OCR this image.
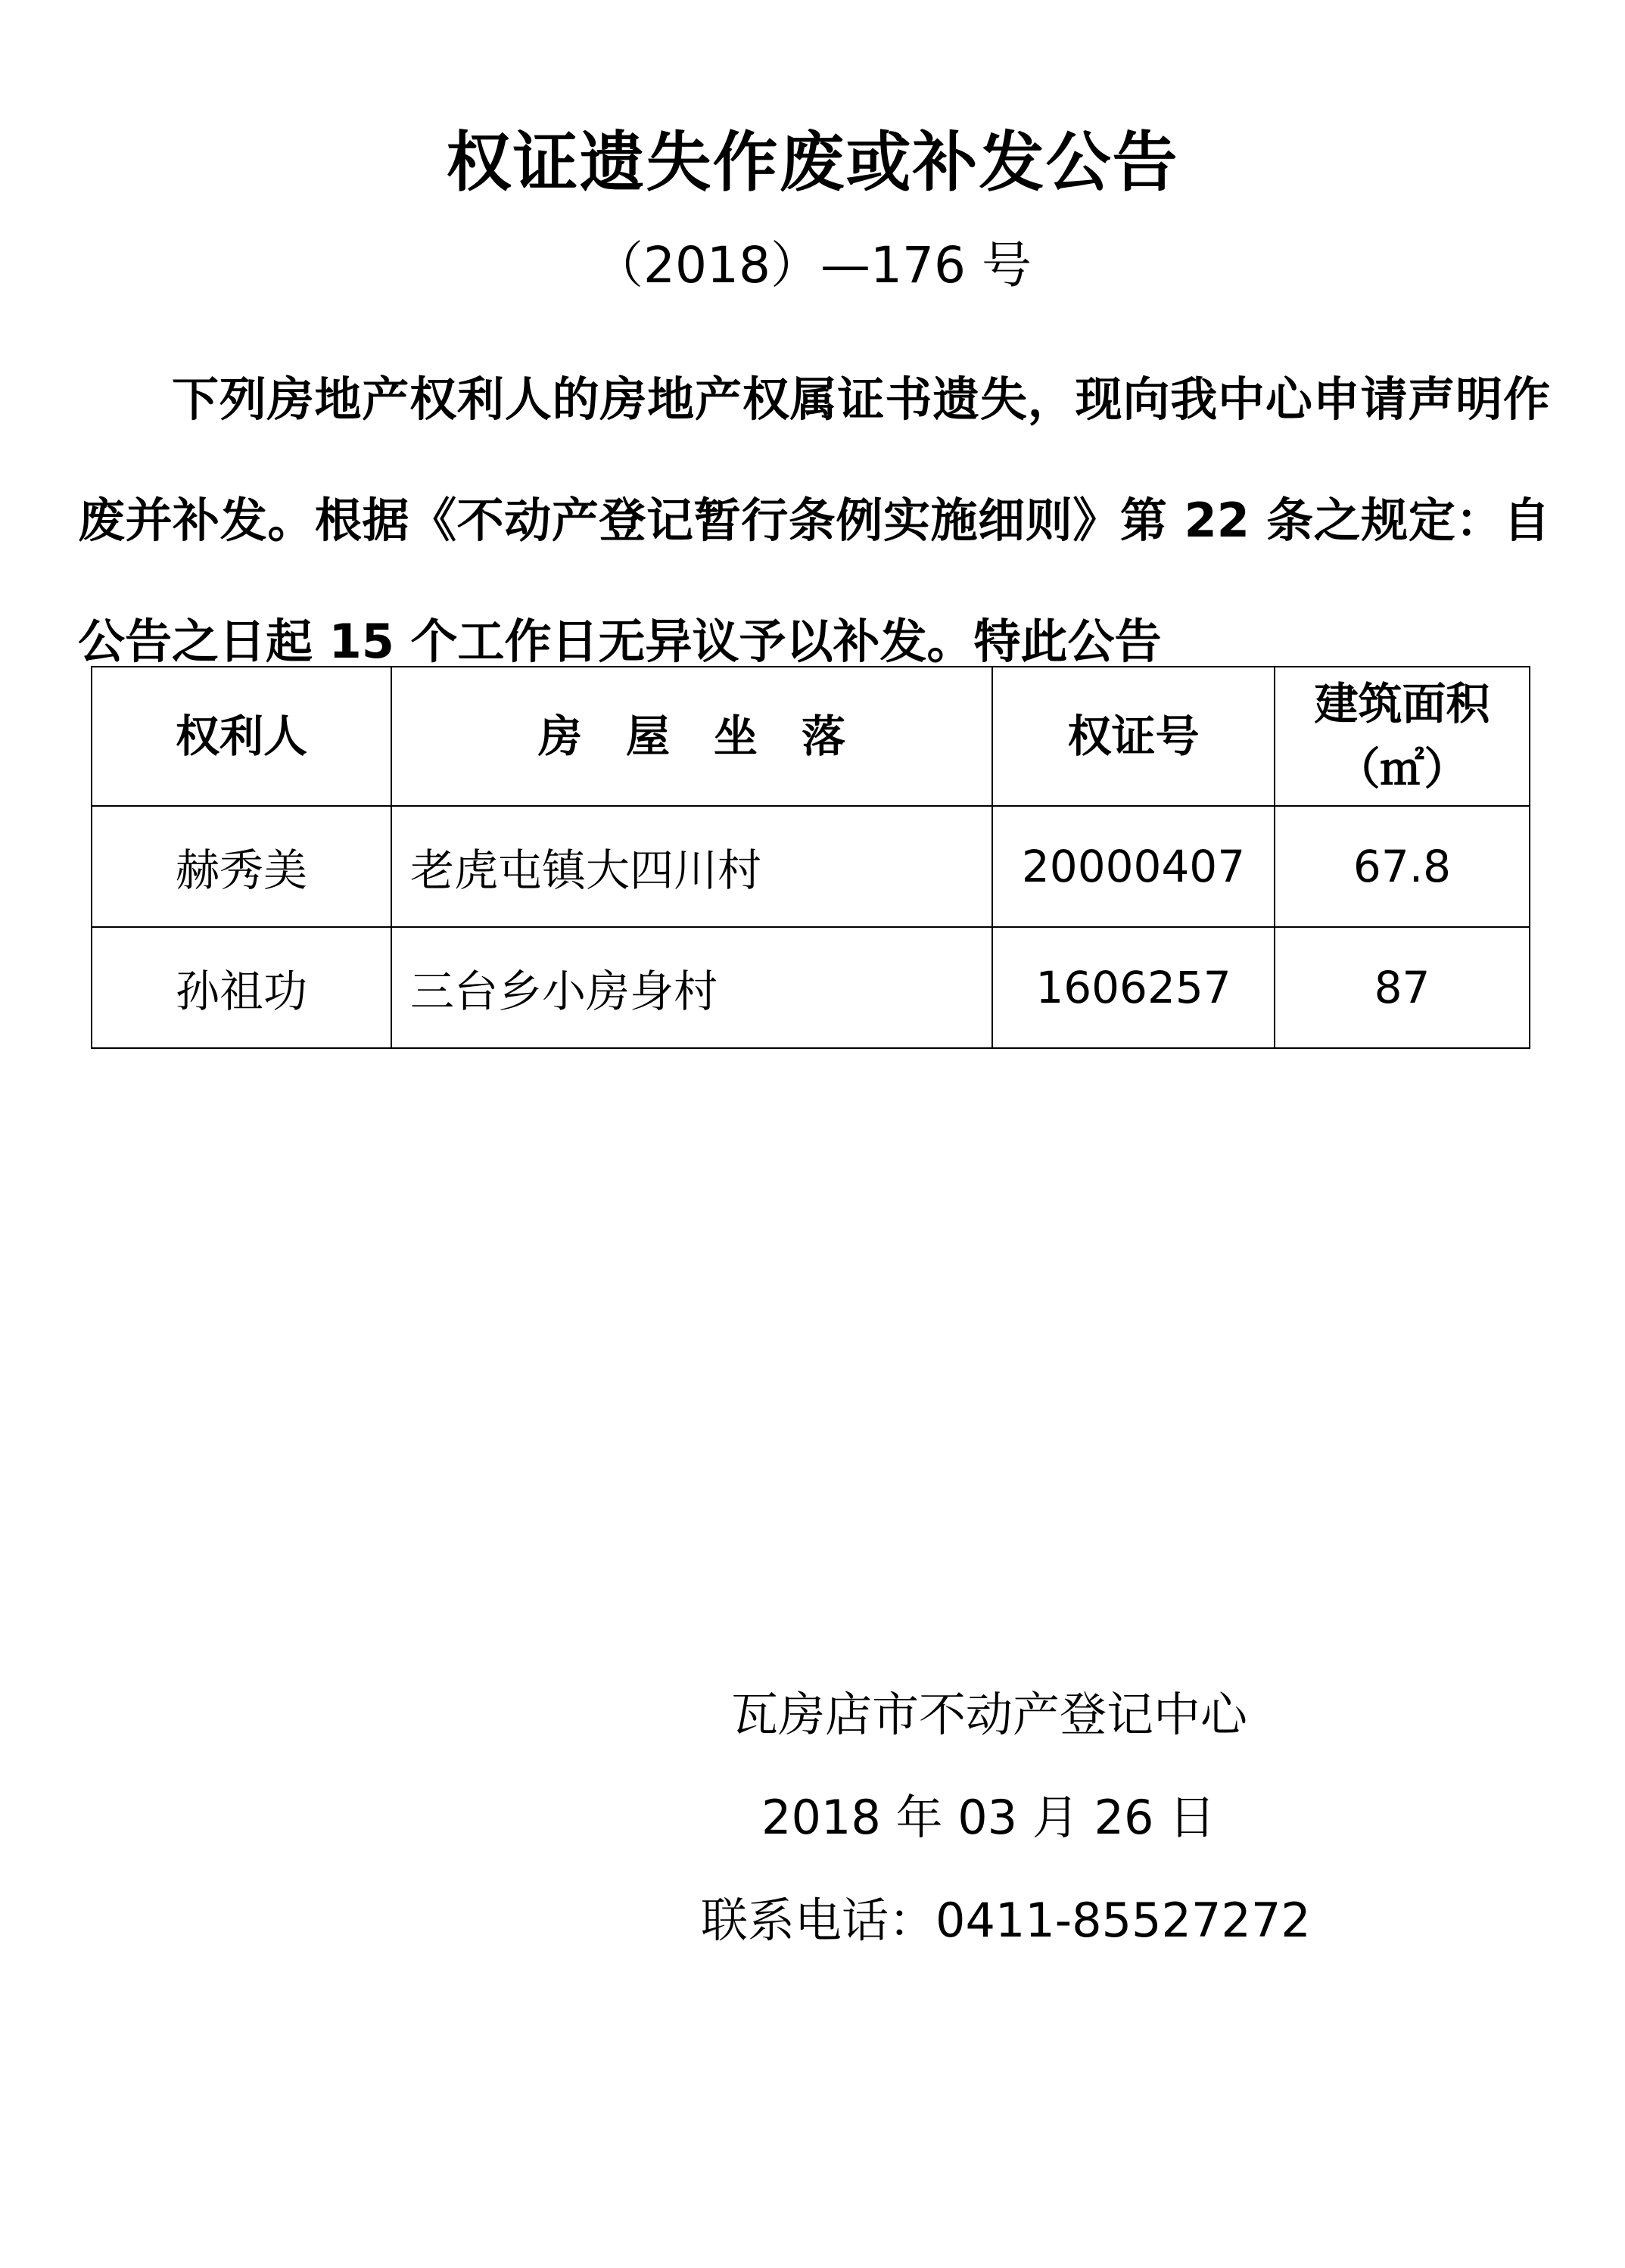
权证遗失作废或补发公告
（2018）—176 号

下列房地产权利人的房地产权属证书遗失，现向我中心申请声明作废并补发。根据《不动产登记暂行条例实施细则》第 22 条之规定：自公告之日起 15 个工作日无异议予以补发。特此公告

权利人	房　屋　坐　落	权证号	建筑面积
（㎡）

赫秀美	老虎屯镇大四川村	20000407	67.8
孙祖功	三台乡小房身村	1606257	87
瓦房店市不动产登记中心
2018 年 03 月 26 日
联系电话：0411-85527272
